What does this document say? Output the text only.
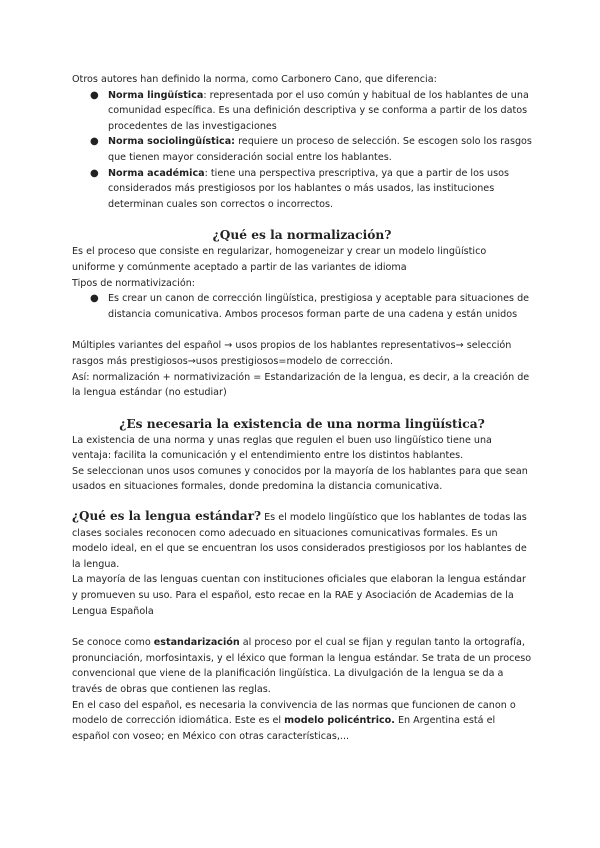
Otros autores han definido la norma, como Carbonero Cano, que diferencia:

● Norma lingüística: representada por el uso común y habitual de los hablantes de una comunidad específica. Es una definición descriptiva y se conforma a partir de los datos procedentes de las investigaciones
● Norma sociolingüística: requiere un proceso de selección. Se escogen solo los rasgos que tienen mayor consideración social entre los hablantes.
● Norma académica: tiene una perspectiva prescriptiva, ya que a partir de los usos considerados más prestigiosos por los hablantes o más usados, las instituciones determinan cuales son correctos o incorrectos.
¿Qué es la normalización?

Es el proceso que consiste en regularizar, homogeneizar y crear un modelo lingüístico uniforme y comúnmente aceptado a partir de las variantes de idioma

Tipos de normativización:

● Es crear un canon de corrección lingüística, prestigiosa y aceptable para situaciones de distancia comunicativa. Ambos procesos forman parte de una cadena y están unidos

Múltiples variantes del español → usos propios de los hablantes representativos→ selección rasgos más prestigiosos→usos prestigiosos=modelo de corrección.

Así: normalización + normativización = Estandarización de la lengua, es decir, a la creación de la lengua estándar (no estudiar)

¿Es necesaria la existencia de una norma lingüística?

La existencia de una norma y unas reglas que regulen el buen uso lingüístico tiene una ventaja: facilita la comunicación y el entendimiento entre los distintos hablantes.

Se seleccionan unos usos comunes y conocidos por la mayoría de los hablantes para que sean usados en situaciones formales, donde predomina la distancia comunicativa.

¿Qué es la lengua estándar? Es el modelo lingüístico que los hablantes de todas las clases sociales reconocen como adecuado en situaciones comunicativas formales. Es un modelo ideal, en el que se encuentran los usos considerados prestigiosos por los hablantes de la lengua.

La mayoría de las lenguas cuentan con instituciones oficiales que elaboran la lengua estándar y promueven su uso. Para el español, esto recae en la RAE y Asociación de Academias de la Lengua Española

Se conoce como estandarización al proceso por el cual se fijan y regulan tanto la ortografía, pronunciación, morfosintaxis, y el léxico que forman la lengua estándar. Se trata de un proceso convencional que viene de la planificación lingüística. La divulgación de la lengua se da a través de obras que contienen las reglas.

En el caso del español, es necesaria la convivencia de las normas que funcionen de canon o modelo de corrección idiomática. Este es el modelo policéntrico. En Argentina está el español con voseo; en México con otras características,...
